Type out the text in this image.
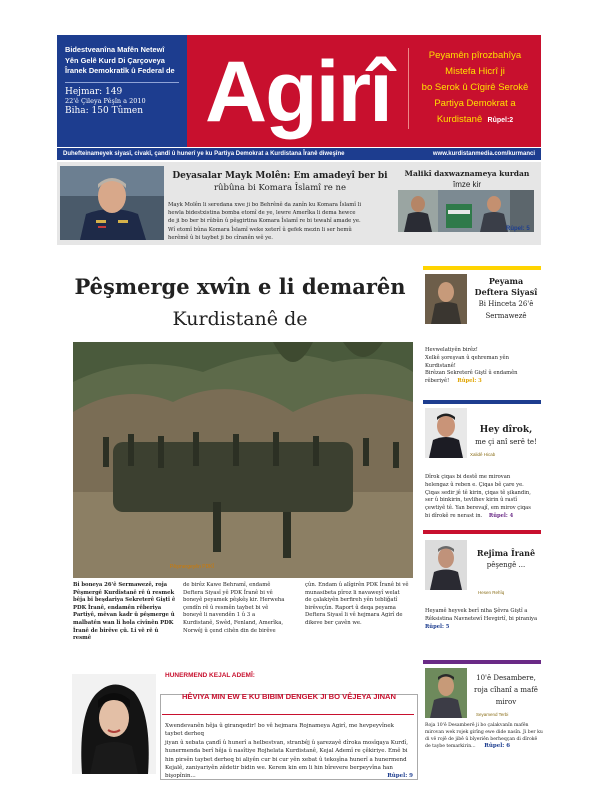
Bidestveanîna Mafên Netewî Yên Gelê Kurd Di Çarçoveya Îranek Demokratîk û Federal de
Hejmar: 149
22'ê Çileya Pêşîn a 2010
Biha: 150 Tûmen Agirî	Peyamên pîrozbahîya
Mistefa Hicrî ji
bo Serok û Cîgirê Serokê
Partiya Demokrat a
Kurdistanê Rûpel:2
Duhefteinameyek siyasî, civakî, çandî û hunerî ye ku Partiya Demokrat a Kurdistana Îranê diweşîne	www.kurdistanmedia.com/kurmanci
Deyasalar Mayk Molên: Em amadeyî ber bi
rûbûna bi Komara Îslamî re ne
Mayk Molên li seredana xwe ji bo Behrênê da zanîn ku Komara Îslamî li
hewla bidestxistina bomba etomî de ye, lewre Amerîka li dema hewce
de ji bo ber bi rûbûn û pêşgirtina Komara Îslamî re bi tewahî amade ye.
Wî etomî bûna Komara Îslamî weke xeterî û gefek mezin li ser hemû
herêmê û bi taybet ji bo cîranên wê ye.
Malikî daxwaznameya kurdan
îmze kir
Rûpel: 5
Pêşmerge xwîn e li demarên
Kurdistanê de
Pêşmergeyên PDKÎ
Bi boneya 26'ê Sermawezê, roja
Pêşmergê Kurdistanê rê û resmek
bêja bi beşdariya Sekreterê Giştî ê
PDK Îranê, endamên rêberiya
Partiyê, mêvan kadr û pêşmerge û
malbatên wan li hola civînên PDK
Îranê de birêve çû. Li vê rê û resmê
de birêz Kawe Behramî, endamê
Deftera Siyasî yê PDK Îranê bi vê
boneyê peyamek pêşkêş kir. Herweha
çendîn rê û resmên taybet bi vê
boneyê li navendên 1 û 3 a
Kurdistanê, Swêd, Fenland, Amerîka,
Norwêj û çend cihên din de birêve
çûn. Endam û alîgirên PDK Îranê bi vê
munasibeta pîroz li navaweyî welat
de çalakiyên berfireh yên tebliğatî
birêveçûn. Raport û deqa peyama
Deftera Siyasî li vê hejmara Agirî de
dikeve ber çavên we.
HUNERMEND KEJAL ADEMÎ:
HÊVIYA MIN EW E KU BIBIM DENGEK JI BO VÊJEYA JINAN
Xwendevanên hêja û giranqedir! bo vê hejmara Rojnameya Agirî, me hevpeyvînek
taybet derheq
jiyan û xebata çandî û hunerî a helbestvan, stranbêj û şarezayê dîroka mosîqaya Kurdî,
hunermenda berî hêja û nasîtiye Rojhelata Kurdistanê, Kejal Ademî re çêkiriye. Emê bi
hin pirsên taybet derheq bi aliyên cur bi cur yên xebat û tekoşîna hunerî a hunermend
Kejalê, zaniyariyên zêdetir bidin we. Kerem kin em li hin bîrevere berpeyvîna han
bişopînin...	Rûpel: 9
Peyama
Deftera Siyasî
Bi Hinceta 26'ê
Sermawezê
Hevwelatiyên birêz!
Xelkê şoreşvan û qehreman yên
Kurdistanê!
Birêzan Sekreterê Giştî û endamên
rêberiyê! Rûpel: 3
Hey dîrok,
me çi anî serê te!
Xalidê Hicab
Dîrok çiqas bi destê me mirovan
helengaz û reben e. Çiqas bê çare ye.
Çiqas sedir jê tê kirin, çiqas tê şikandin,
ser û binkirin, tevlihev kirin û rastî
çewtiyê tê. Yan berevajî, em mirov çiqas
bi dîrokê re nerast in. Rûpel: 4
Rejîma Îranê
pêşengê ...
Hesen Rehîq
Heyamê heyvek berî niha Şêvra Giştî a
Rêksistina Navnetewî Hevgirtî, bi piraniya
Rûpel: 5
10'ê Desambere,
roja cîhanî a mafê
mirov
Seyamend Terbi
Roja 10'ê Desamberê ji bo çalakvanîn mafên
mirovan wek rojek girîng ewe dide nasîn. Ji ber ku
di vê rojê de jibê û bîyeriên berheqçan di dîrokê
de taybe temarkirin... Rûpel: 6
